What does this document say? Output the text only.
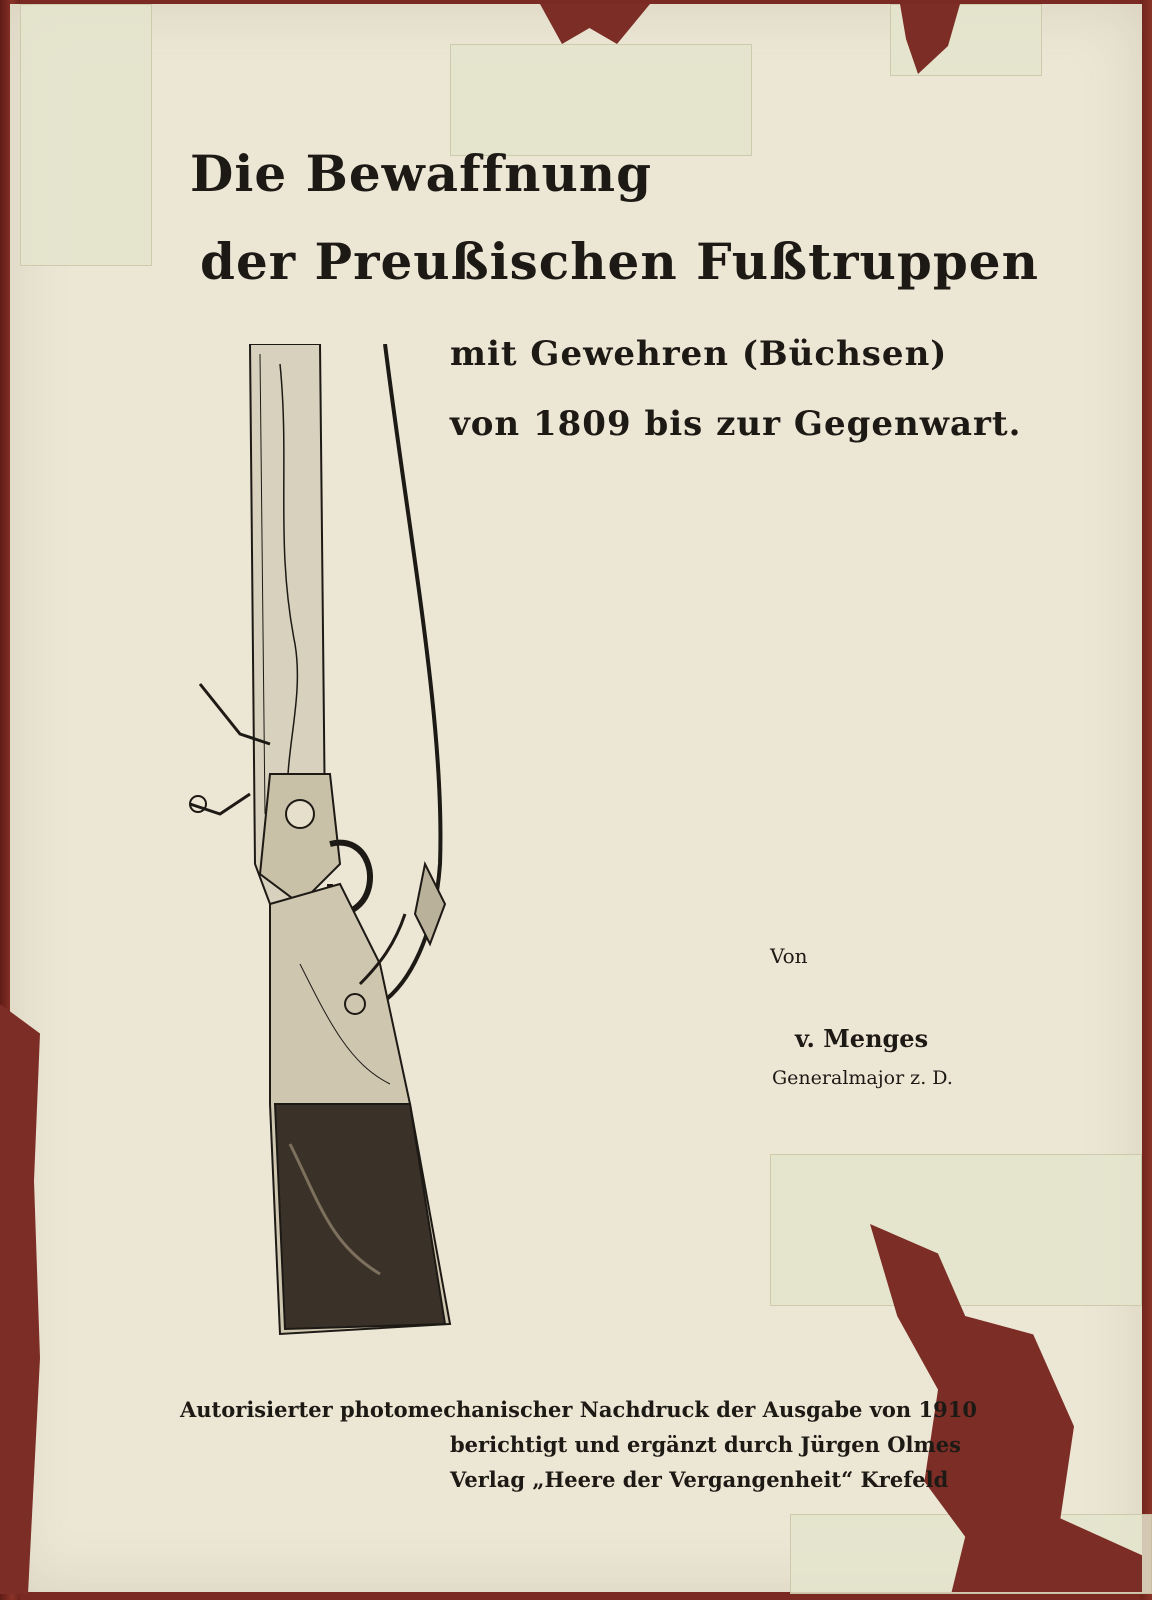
Die Bewaffnung
der Preußischen Fußtruppen
mit Gewehren (Büchsen)
von 1809 bis zur Gegenwart.
Von
v. Menges
Generalmajor z. D.
Autorisierter photomechanischer Nachdruck der Ausgabe von 1910
berichtigt und ergänzt durch Jürgen Olmes
Verlag „Heere der Vergangenheit“ Krefeld
